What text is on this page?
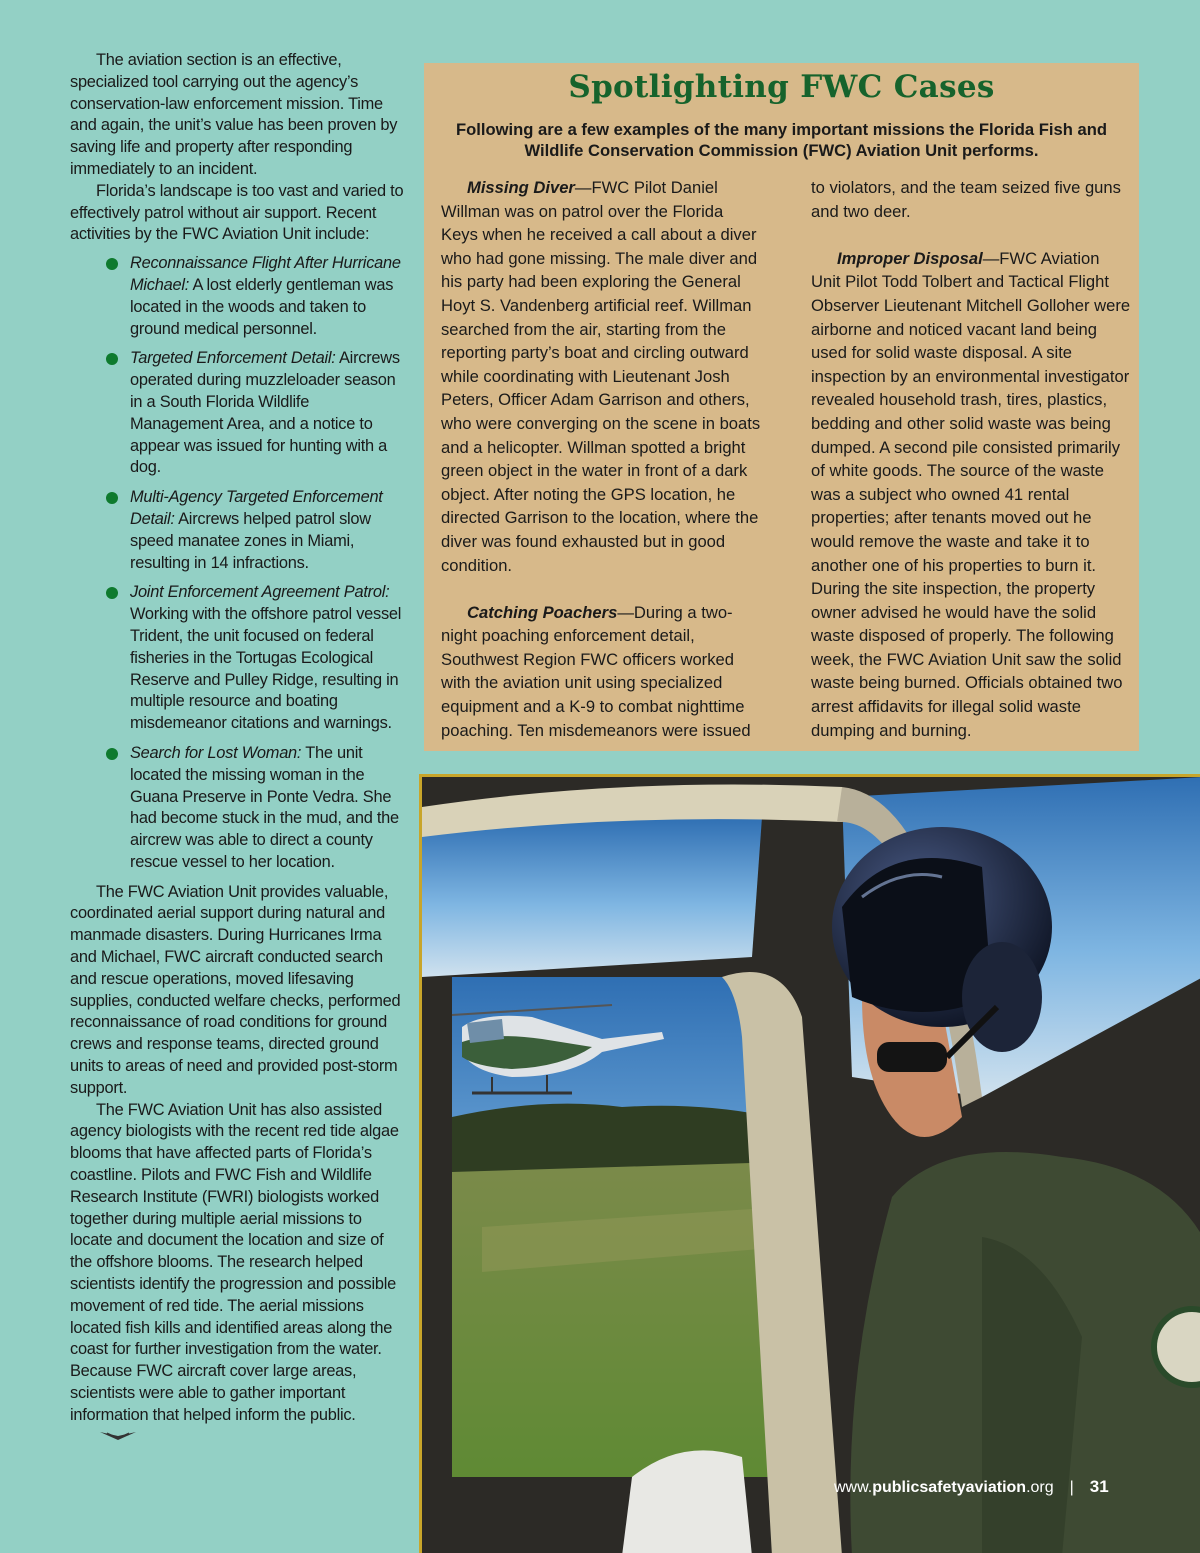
The aviation section is an effective, specialized tool carrying out the agency’s conservation-law enforcement mission. Time and again, the unit’s value has been proven by saving life and property after responding immediately to an incident.

Florida’s landscape is too vast and varied to effectively patrol without air support. Recent activities by the FWC Aviation Unit include:

Reconnaissance Flight After Hurricane Michael: A lost elderly gentleman was located in the woods and taken to ground medical personnel.
Targeted Enforcement Detail: Aircrews operated during muzzleloader season in a South Florida Wildlife Management Area, and a notice to appear was issued for hunting with a dog.
Multi-Agency Targeted Enforcement Detail: Aircrews helped patrol slow speed manatee zones in Miami, resulting in 14 infractions.
Joint Enforcement Agreement Patrol: Working with the offshore patrol vessel Trident, the unit focused on federal fisheries in the Tortugas Ecological Reserve and Pulley Ridge, resulting in multiple resource and boating misdemeanor citations and warnings.
Search for Lost Woman: The unit located the missing woman in the Guana Preserve in Ponte Vedra. She had become stuck in the mud, and the aircrew was able to direct a county rescue vessel to her location.

The FWC Aviation Unit provides valuable, coordinated aerial support during natural and manmade disasters. During Hurricanes Irma and Michael, FWC aircraft conducted search and rescue operations, moved lifesaving supplies, conducted welfare checks, performed reconnaissance of road conditions for ground crews and response teams, directed ground units to areas of need and provided post-storm support.

The FWC Aviation Unit has also assisted agency biologists with the recent red tide algae blooms that have affected parts of Florida’s coastline. Pilots and FWC Fish and Wildlife Research Institute (FWRI) biologists worked together during multiple aerial missions to locate and document the location and size of the offshore blooms. The research helped scientists identify the progression and possible movement of red tide. The aerial missions located fish kills and identified areas along the coast for further investigation from the water. Because FWC aircraft cover large areas, scientists were able to gather important information that helped inform the public.

Spotlighting FWC Cases
Following are a few examples of the many important missions the Florida Fish and Wildlife Conservation Commission (FWC) Aviation Unit performs.

Missing Diver—FWC Pilot Daniel Willman was on patrol over the Florida Keys when he received a call about a diver who had gone missing. The male diver and his party had been exploring the General Hoyt S. Vandenberg artificial reef. Willman searched from the air, starting from the reporting party’s boat and circling outward while coordinating with Lieutenant Josh Peters, Officer Adam Garrison and others, who were converging on the scene in boats and a helicopter. Willman spotted a bright green object in the water in front of a dark object. After noting the GPS location, he directed Garrison to the location, where the diver was found exhausted but in good condition.

Catching Poachers—During a two-night poaching enforcement detail, Southwest Region FWC officers worked with the aviation unit using specialized equipment and a K-9 to combat nighttime poaching. Ten misdemeanors were issued

to violators, and the team seized five guns and two deer.

Improper Disposal—FWC Aviation Unit Pilot Todd Tolbert and Tactical Flight Observer Lieutenant Mitchell Golloher were airborne and noticed vacant land being used for solid waste disposal. A site inspection by an environmental investigator revealed household trash, tires, plastics, bedding and other solid waste was being dumped. A second pile consisted primarily of white goods. The source of the waste was a subject who owned 41 rental properties; after tenants moved out he would remove the waste and take it to another one of his properties to burn it. During the site inspection, the property owner advised he would have the solid waste disposed of properly. The following week, the FWC Aviation Unit saw the solid waste being burned. Officials obtained two arrest affidavits for illegal solid waste dumping and burning.

www.publicsafetyaviation.org | 31
